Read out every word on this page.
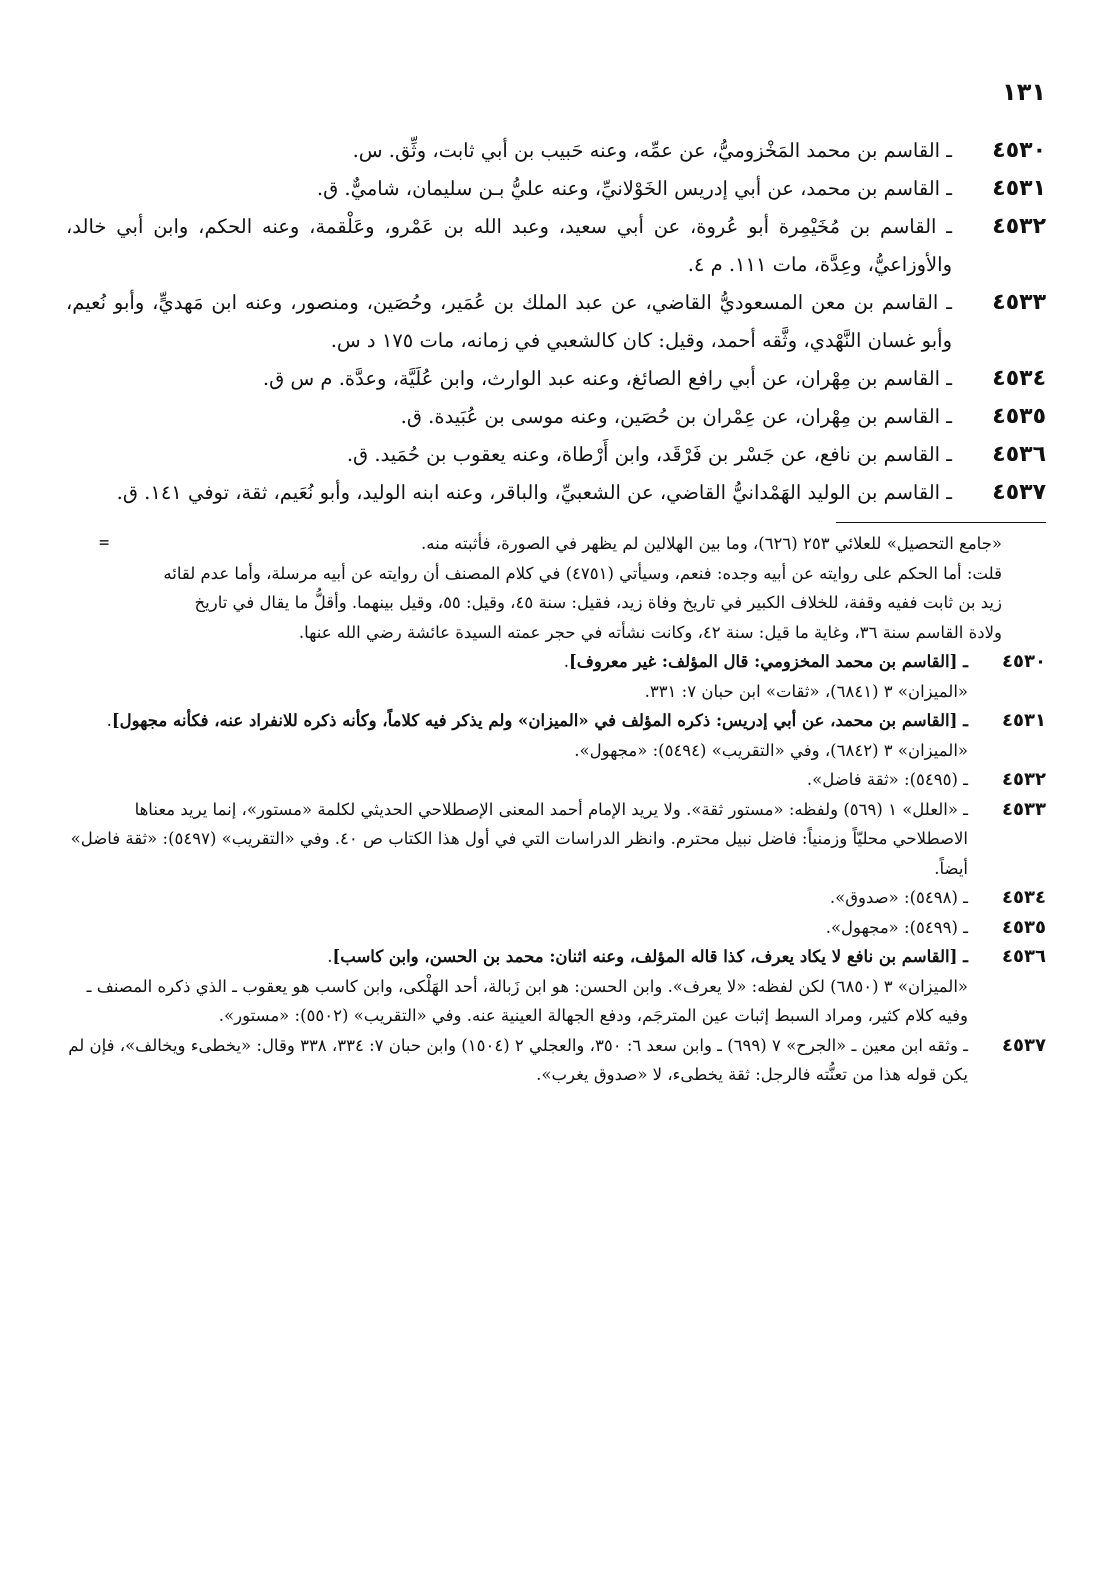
١٣١
٤٥٣٠
ـ القاسم بن محمد المَخْزوميُّ، عن عمِّه، وعنه حَبيب بن أبي ثابت، وثِّق. س.
٤٥٣١
ـ القاسم بن محمد، عن أبي إدريس الخَوْلانيِّ، وعنه عليُّ بـن سليمان، شاميٌّ. ق.
٤٥٣٢
ـ القاسم بن مُخَيْمِرة أبو عُروة، عن أبي سعيد، وعبد الله بن عَمْرو، وعَلْقمة، وعنه الحكم، وابن أبي خالد، والأوزاعيُّ، وعِدَّة، مات ١١١. م ٤.
٤٥٣٣
ـ القاسم بن معن المسعوديُّ القاضي، عن عبد الملك بن عُمَير، وحُصَين، ومنصور، وعنه ابن مَهديٍّ، وأبو نُعيم، وأبو غسان النَّهْدي، وثَّقه أحمد، وقيل: كان كالشعبي في زمانه، مات ١٧٥ د س.
٤٥٣٤
ـ القاسم بن مِهْران، عن أبي رافع الصائغ، وعنه عبد الوارث، وابن عُلَيَّة، وعدَّة. م س ق.
٤٥٣٥
ـ القاسم بن مِهْران، عن عِمْران بن حُصَين، وعنه موسى بن عُبَيدة. ق.
٤٥٣٦
ـ القاسم بن نافع، عن جَسْر بن فَرْقَد، وابن أَرْطاة، وعنه يعقوب بن حُمَيد. ق.
٤٥٣٧
ـ القاسم بن الوليد الهَمْدانيُّ القاضي، عن الشعبيِّ، والباقر، وعنه ابنه الوليد، وأبو نُعَيم، ثقة، توفي ١٤١. ق.

«جامع التحصيل» للعلائي ٢٥٣ (٦٢٦)، وما بين الهلالين لم يظهر في الصورة، فأثبته منه.

قلت: أما الحكم على روايته عن أبيه وجده: فنعم، وسيأتي (٤٧٥١) في كلام المصنف أن روايته عن أبيه مرسلة، وأما عدم لقائه زيد بن ثابت ففيه وقفة، للخلاف الكبير في تاريخ وفاة زيد، فقيل: سنة ٤٥، وقيل: ٥٥، وقيل بينهما. وأقلُّ ما يقال في تاريخ ولادة القاسم سنة ٣٦، وغاية ما قيل: سنة ٤٢، وكانت نشأته في حجر عمته السيدة عائشة رضي الله عنها.

=
٤٥٣٠
ـ [القاسم بن محمد المخزومي: قال المؤلف: غير معروف].

«الميزان» ٣ (٦٨٤١)، «ثقات» ابن حبان ٧: ٣٣١.

٤٥٣١
ـ [القاسم بن محمد، عن أبي إدريس: ذكره المؤلف في «الميزان» ولم يذكر فيه كلاماً، وكأنه ذكره للانفراد عنه، فكأنه مجهول].

«الميزان» ٣ (٦٨٤٢)، وفي «التقريب» (٥٤٩٤): «مجهول».

٤٥٣٢
ـ (٥٤٩٥): «ثقة فاضل».
٤٥٣٣
ـ «العلل» ١ (٥٦٩) ولفظه: «مستور ثقة». ولا يريد الإمام أحمد المعنى الإصطلاحي الحديثي لكلمة «مستور»، إنما يريد معناها الاصطلاحي محليّاً وزمنياً: فاضل نبيل محترم. وانظر الدراسات التي في أول هذا الكتاب ص ٤٠. وفي «التقريب» (٥٤٩٧): «ثقة فاضل» أيضاً.
٤٥٣٤
ـ (٥٤٩٨): «صدوق».
٤٥٣٥
ـ (٥٤٩٩): «مجهول».
٤٥٣٦
ـ [القاسم بن نافع لا يكاد يعرف، كذا قاله المؤلف، وعنه اثنان: محمد بن الحسن، وابن كاسب].

«الميزان» ٣ (٦٨٥٠) لكن لفظه: «لا يعرف». وابن الحسن: هو ابن زَبالة، أحد الهَلْكى، وابن كاسب هو يعقوب ـ الذي ذكره المصنف ـ وفيه كلام كثير، ومراد السبط إثبات عين المترجَم، ودفع الجهالة العينية عنه. وفي «التقريب» (٥٥٠٢): «مستور».

٤٥٣٧
ـ وثقه ابن معين ـ «الجرح» ٧ (٦٩٩) ـ وابن سعد ٦: ٣٥٠، والعجلي ٢ (١٥٠٤) وابن حبان ٧: ٣٣٤، ٣٣٨ وقال: «يخطىء ويخالف»، فإن لم يكن قوله هذا من تعنُّته فالرجل: ثقة يخطىء، لا «صدوق يغرب».
